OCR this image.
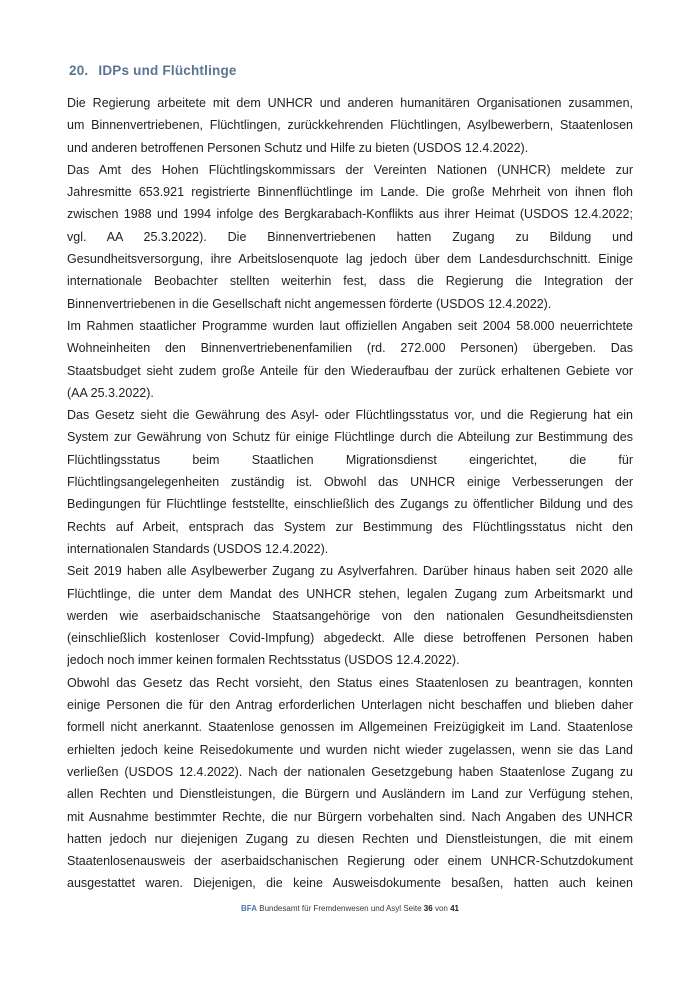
20. IDPs und Flüchtlinge
Die Regierung arbeitete mit dem UNHCR und anderen humanitären Organisationen zusammen,
um Binnenvertriebenen, Flüchtlingen, zurückkehrenden Flüchtlingen, Asylbewerbern, Staatenlosen
und anderen betroffenen Personen Schutz und Hilfe zu bieten (USDOS 12.4.2022).
Das Amt des Hohen Flüchtlingskommissars der Vereinten Nationen (UNHCR) meldete zur
Jahresmitte 653.921 registrierte Binnenflüchtlinge im Lande. Die große Mehrheit von ihnen floh
zwischen 1988 und 1994 infolge des Bergkarabach-Konflikts aus ihrer Heimat (USDOS 12.4.2022;
vgl. AA 25.3.2022). Die Binnenvertriebenen hatten Zugang zu Bildung und
Gesundheitsversorgung, ihre Arbeitslosenquote lag jedoch über dem Landesdurchschnitt. Einige
internationale Beobachter stellten weiterhin fest, dass die Regierung die Integration der
Binnenvertriebenen in die Gesellschaft nicht angemessen förderte (USDOS 12.4.2022).
Im Rahmen staatlicher Programme wurden laut offiziellen Angaben seit 2004 58.000 neuerrichtete
Wohneinheiten den Binnenvertriebenenfamilien (rd. 272.000 Personen) übergeben. Das
Staatsbudget sieht zudem große Anteile für den Wiederaufbau der zurück erhaltenen Gebiete vor
(AA 25.3.2022).
Das Gesetz sieht die Gewährung des Asyl- oder Flüchtlingsstatus vor, und die Regierung hat ein
System zur Gewährung von Schutz für einige Flüchtlinge durch die Abteilung zur Bestimmung des
Flüchtlingsstatus beim Staatlichen Migrationsdienst eingerichtet, die für
Flüchtlingsangelegenheiten zuständig ist. Obwohl das UNHCR einige Verbesserungen der
Bedingungen für Flüchtlinge feststellte, einschließlich des Zugangs zu öffentlicher Bildung und des
Rechts auf Arbeit, entsprach das System zur Bestimmung des Flüchtlingsstatus nicht den
internationalen Standards (USDOS 12.4.2022).
Seit 2019 haben alle Asylbewerber Zugang zu Asylverfahren. Darüber hinaus haben seit 2020 alle
Flüchtlinge, die unter dem Mandat des UNHCR stehen, legalen Zugang zum Arbeitsmarkt und
werden wie aserbaidschanische Staatsangehörige von den nationalen Gesundheitsdiensten
(einschließlich kostenloser Covid-Impfung) abgedeckt. Alle diese betroffenen Personen haben
jedoch noch immer keinen formalen Rechtsstatus (USDOS 12.4.2022).
Obwohl das Gesetz das Recht vorsieht, den Status eines Staatenlosen zu beantragen, konnten
einige Personen die für den Antrag erforderlichen Unterlagen nicht beschaffen und blieben daher
formell nicht anerkannt. Staatenlose genossen im Allgemeinen Freizügigkeit im Land. Staatenlose
erhielten jedoch keine Reisedokumente und wurden nicht wieder zugelassen, wenn sie das Land
verließen (USDOS 12.4.2022). Nach der nationalen Gesetzgebung haben Staatenlose Zugang zu
allen Rechten und Dienstleistungen, die Bürgern und Ausländern im Land zur Verfügung stehen,
mit Ausnahme bestimmter Rechte, die nur Bürgern vorbehalten sind. Nach Angaben des UNHCR
hatten jedoch nur diejenigen Zugang zu diesen Rechten und Dienstleistungen, die mit einem
Staatenlosenausweis der aserbaidschanischen Regierung oder einem UNHCR-Schutzdokument
ausgestattet waren. Diejenigen, die keine Ausweisdokumente besaßen, hatten auch keinen
BFA Bundesamt für Fremdenwesen und Asyl Seite 36 von 41
